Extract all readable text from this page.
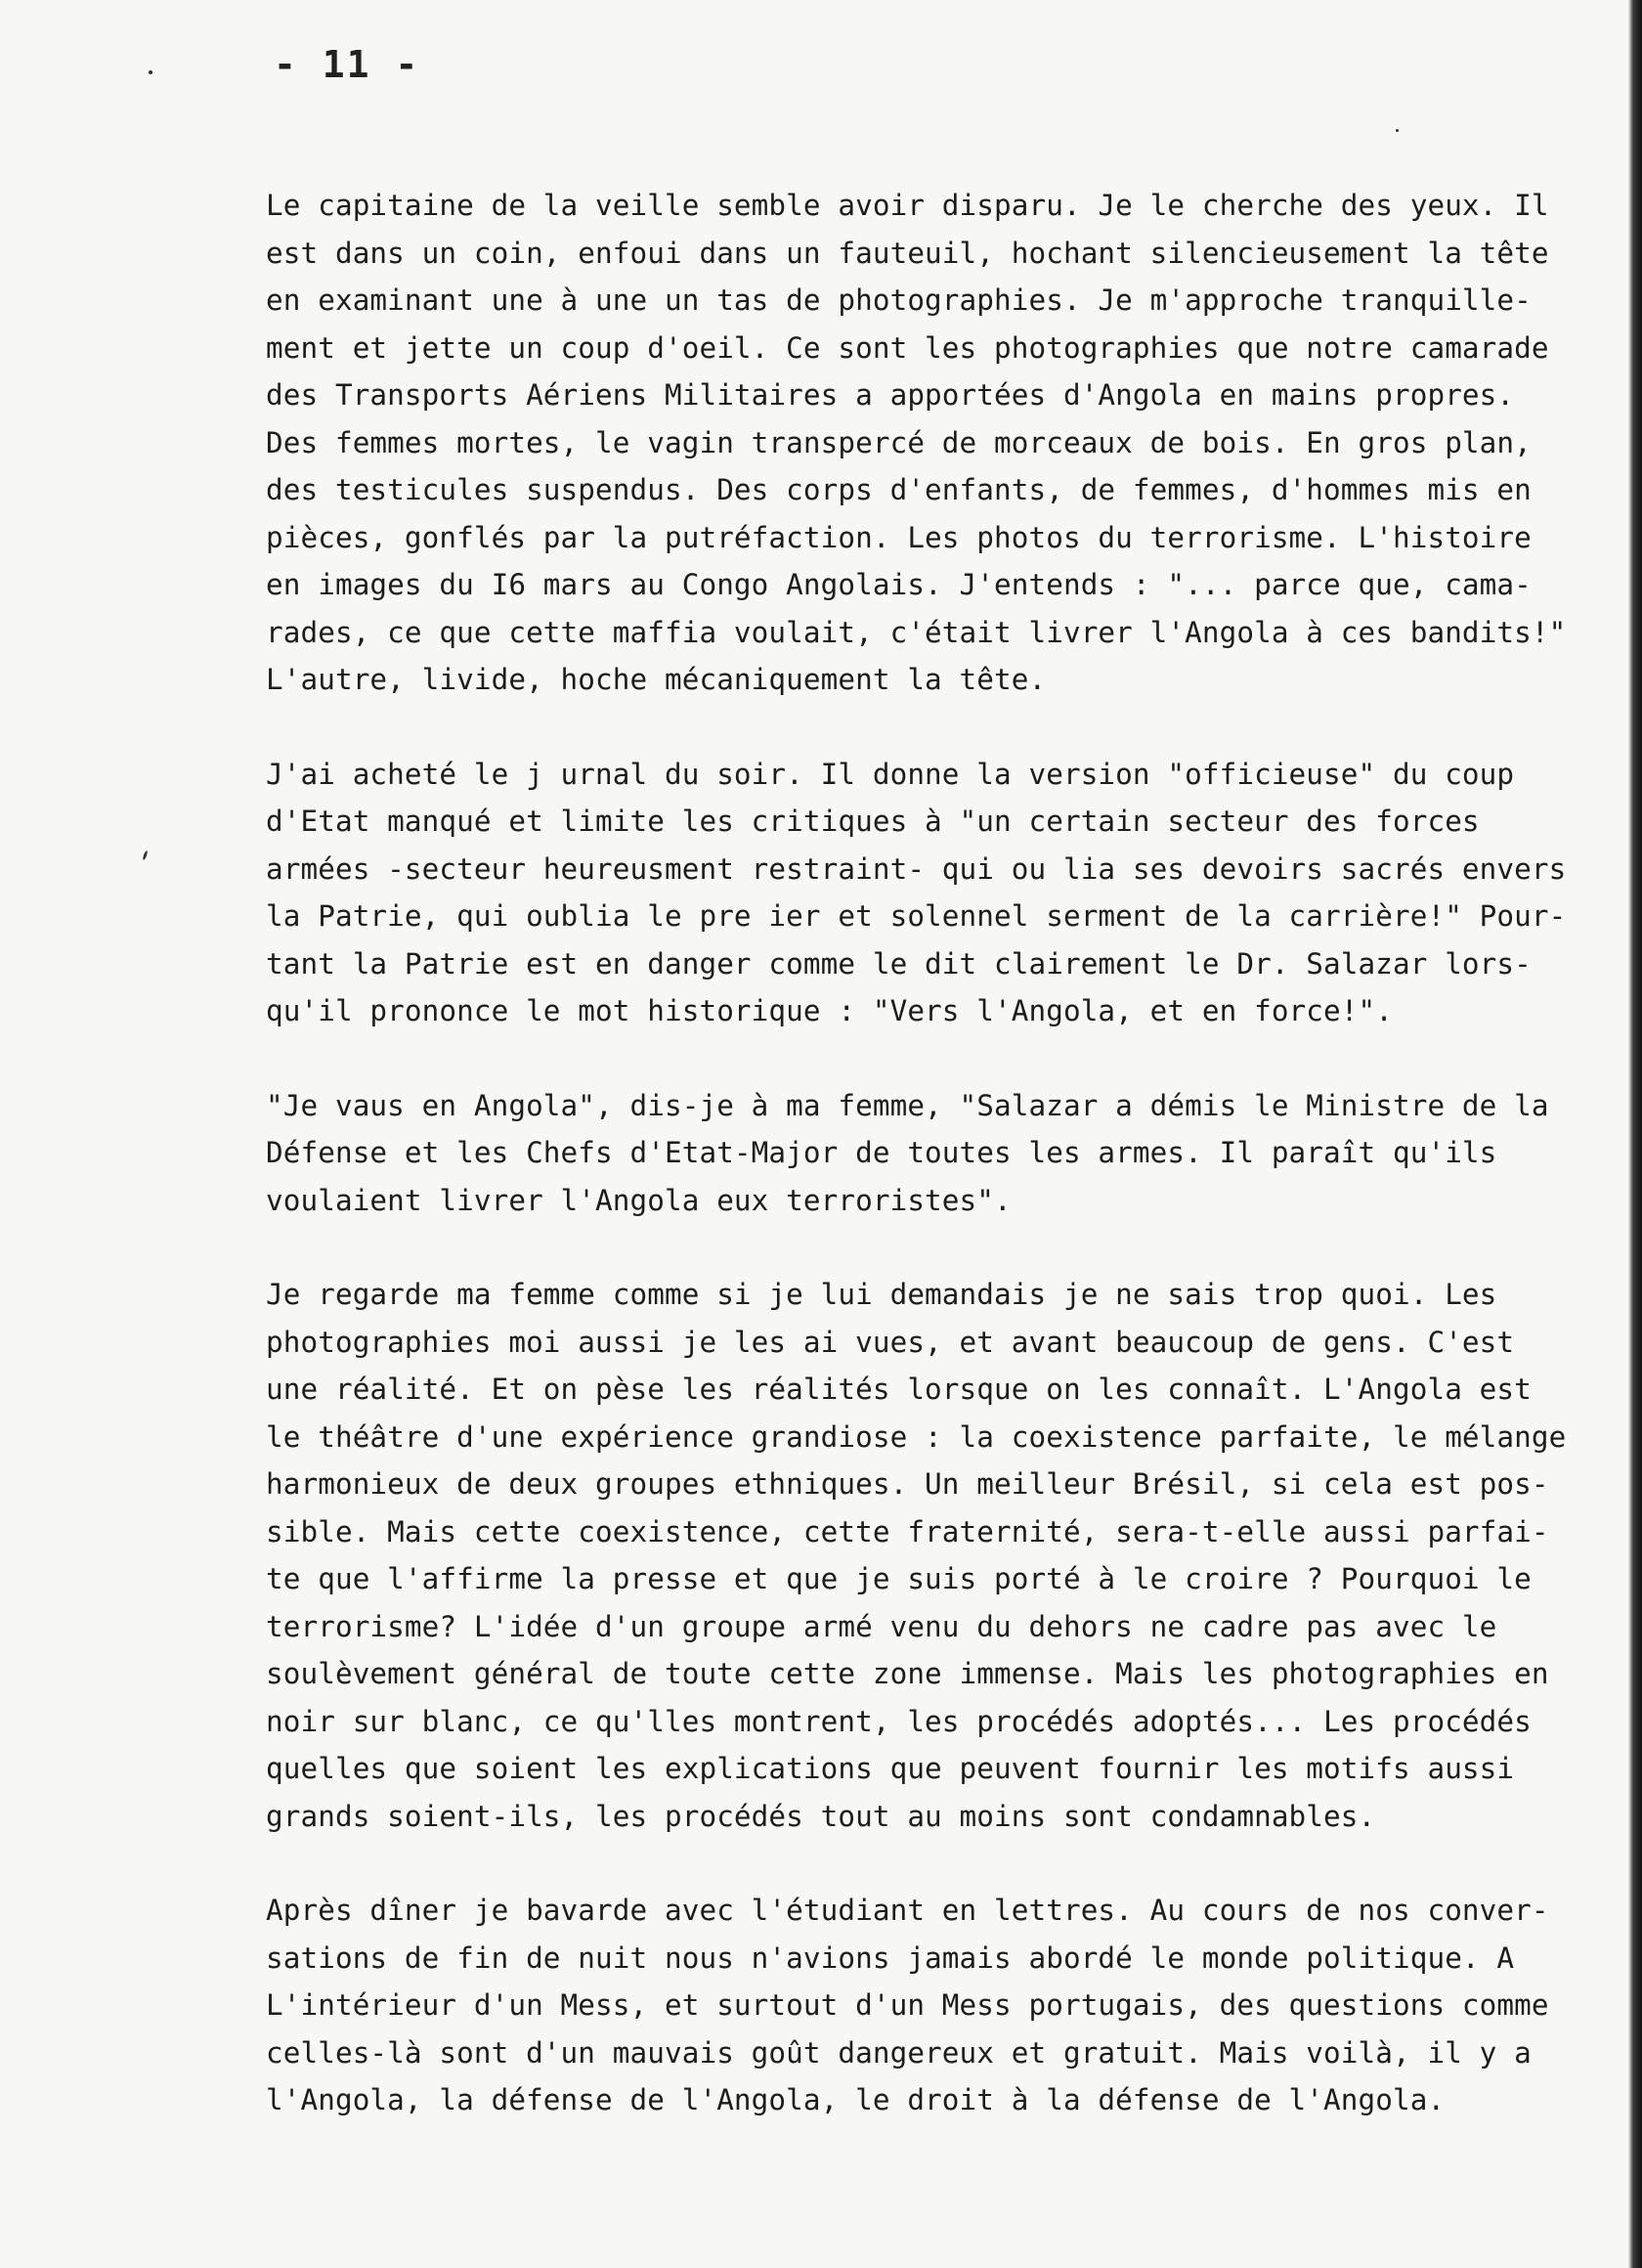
- 11 -
Le capitaine de la veille semble avoir disparu. Je le cherche des yeux. Il
est dans un coin, enfoui dans un fauteuil, hochant silencieusement la tête
en examinant une à une un tas de photographies. Je m'approche tranquille-
ment et jette un coup d'oeil. Ce sont les photographies que notre camarade
des Transports Aériens Militaires a apportées d'Angola en mains propres.
Des femmes mortes, le vagin transpercé de morceaux de bois. En gros plan,
des testicules suspendus. Des corps d'enfants, de femmes, d'hommes mis en
pièces, gonflés par la putréfaction. Les photos du terrorisme. L'histoire
en images du I6 mars au Congo Angolais. J'entends : "... parce que, cama-
rades, ce que cette maffia voulait, c'était livrer l'Angola à ces bandits!"
L'autre, livide, hoche mécaniquement la tête.
J'ai acheté le j urnal du soir. Il donne la version "officieuse" du coup
d'Etat manqué et limite les critiques à "un certain secteur des forces
armées -secteur heureusment restraint- qui ou lia ses devoirs sacrés envers
la Patrie, qui oublia le pre ier et solennel serment de la carrière!" Pour-
tant la Patrie est en danger comme le dit clairement le Dr. Salazar lors-
qu'il prononce le mot historique : "Vers l'Angola, et en force!".
"Je vaus en Angola", dis-je à ma femme, "Salazar a démis le Ministre de la
Défense et les Chefs d'Etat-Major de toutes les armes. Il paraît qu'ils
voulaient livrer l'Angola eux terroristes".
Je regarde ma femme comme si je lui demandais je ne sais trop quoi. Les
photographies moi aussi je les ai vues, et avant beaucoup de gens. C'est
une réalité. Et on pèse les réalités lorsque on les connaît. L'Angola est
le théâtre d'une expérience grandiose : la coexistence parfaite, le mélange
harmonieux de deux groupes ethniques. Un meilleur Brésil, si cela est pos-
sible. Mais cette coexistence, cette fraternité, sera-t-elle aussi parfai-
te que l'affirme la presse et que je suis porté à le croire ? Pourquoi le
terrorisme? L'idée d'un groupe armé venu du dehors ne cadre pas avec le
soulèvement général de toute cette zone immense. Mais les photographies en
noir sur blanc, ce qu'lles montrent, les procédés adoptés... Les procédés
quelles que soient les explications que peuvent fournir les motifs aussi
grands soient-ils, les procédés tout au moins sont condamnables.
Après dîner je bavarde avec l'étudiant en lettres. Au cours de nos conver-
sations de fin de nuit nous n'avions jamais abordé le monde politique. A
L'intérieur d'un Mess, et surtout d'un Mess portugais, des questions comme
celles-là sont d'un mauvais goût dangereux et gratuit. Mais voilà, il y a
l'Angola, la défense de l'Angola, le droit à la défense de l'Angola.
